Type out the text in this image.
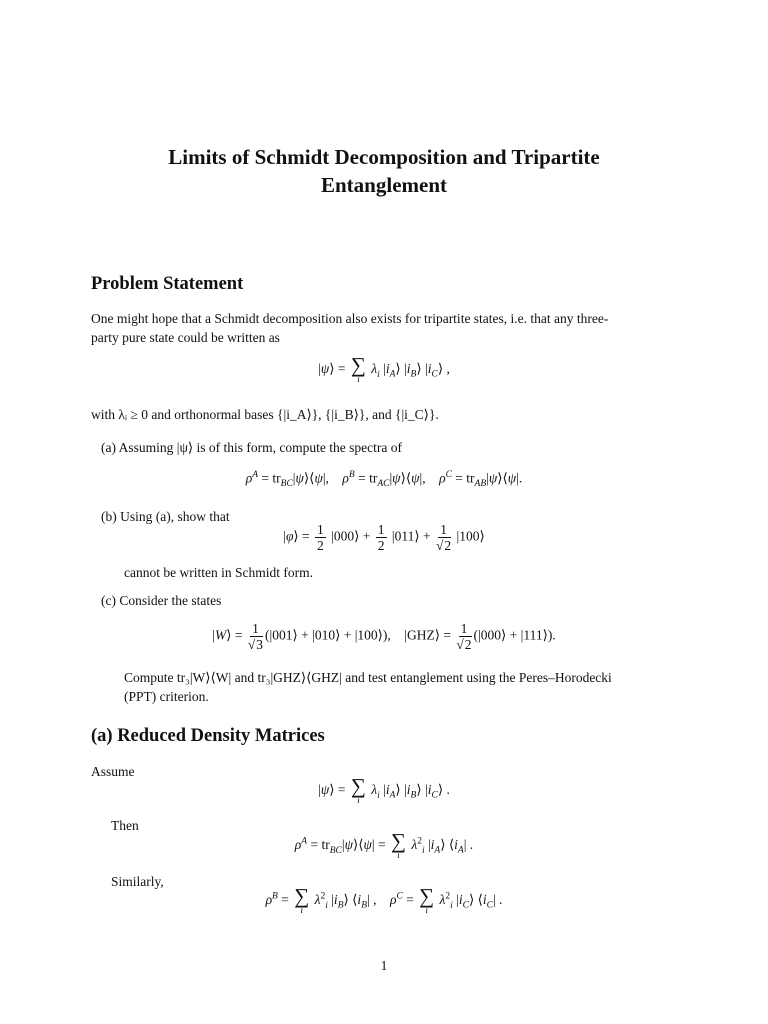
Limits of Schmidt Decomposition and Tripartite
Entanglement
Problem Statement
One might hope that a Schmidt decomposition also exists for tripartite states, i.e. that any three-
party pure state could be written as
|ψ⟩ = ∑
i
$\lambda_i$ $|i_A⟩$ $|i_B⟩$ $|i_C⟩$ ,
with λᵢ ≥ 0 and orthonormal bases {|i_A⟩}, {|i_B⟩}, and {|i_C⟩}.
(a) Assuming |ψ⟩ is of this form, compute the spectra of
$\rho^A$ = $tr_{BC}|\psi⟩⟨\psi|$,    $\rho^B$ = $tr_{AC}|\psi⟩⟨\psi|$,    $\rho^C$ = $tr_{AB}|\psi⟩⟨\psi|$.
(b) Using (a), show that
|φ⟩ = $\frac{1}{2}$ |000⟩ + $\frac{1}{2}$ |011⟩ + $\frac{1}{√2}$ |100⟩
cannot be written in Schmidt form.
(c) Consider the states
|W⟩ = $\frac{1}{√3}$ (|001⟩ + |010⟩ + |100⟩),    |GHZ⟩ = $\frac{1}{√2}$ (|000⟩ + |111⟩).
Compute tr₃|W⟩⟨W| and tr₃|GHZ⟩⟨GHZ| and test entanglement using the Peres–Horodecki
(PPT) criterion.
(a) Reduced Density Matrices
Assume
|ψ⟩ = ∑
i
$\lambda_i$ $|i_A⟩$ $|i_B⟩$ $|i_C⟩$ .
Then
$\rho^A$ = $tr_{BC}|\psi⟩⟨\psi|$ = ∑
i
$\lambda^2_i$ $|i_A⟩$ $⟨i_A|$ .
Similarly,
$\rho^B$ = ∑
i
$\lambda^2_i$ $|i_B⟩$ $⟨i_B|$ ,    $\rho^C$ = ∑
i
$\lambda^2_i$ $|i_C⟩$ $⟨i_C|$ .
1
